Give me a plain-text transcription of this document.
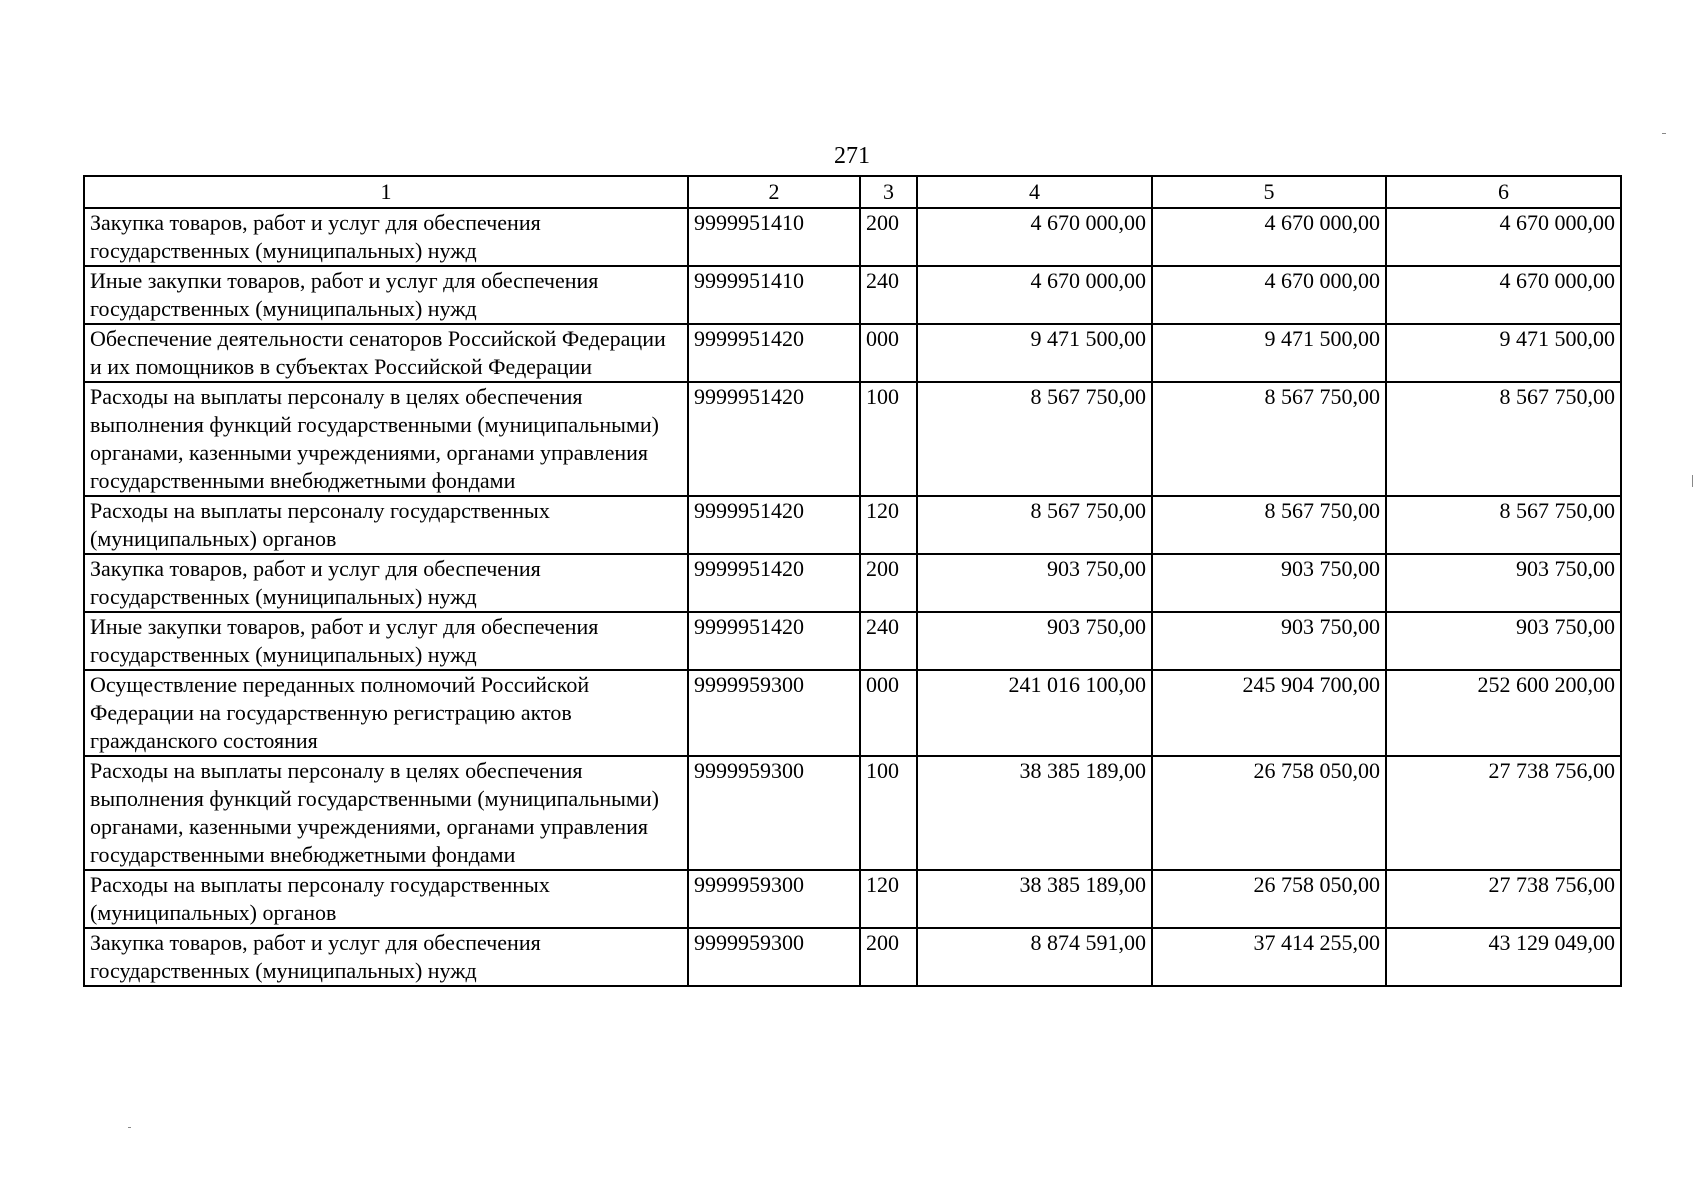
271
1	2	3	4	5	6
Закупка товаров, работ и услуг для обеспечения государственных (муниципальных) нужд	9999951410	200	4 670 000,00	4 670 000,00	4 670 000,00
Иные закупки товаров, работ и услуг для обеспечения государственных (муниципальных) нужд	9999951410	240	4 670 000,00	4 670 000,00	4 670 000,00
Обеспечение деятельности сенаторов Российской Федерации и их помощников в субъектах Российской Федерации	9999951420	000	9 471 500,00	9 471 500,00	9 471 500,00
Расходы на выплаты персоналу в целях обеспечения выполнения функций государственными (муниципальными) органами, казенными учреждениями, органами управления государственными внебюджетными фондами	9999951420	100	8 567 750,00	8 567 750,00	8 567 750,00
Расходы на выплаты персоналу государственных (муниципальных) органов	9999951420	120	8 567 750,00	8 567 750,00	8 567 750,00
Закупка товаров, работ и услуг для обеспечения государственных (муниципальных) нужд	9999951420	200	903 750,00	903 750,00	903 750,00
Иные закупки товаров, работ и услуг для обеспечения государственных (муниципальных) нужд	9999951420	240	903 750,00	903 750,00	903 750,00
Осуществление переданных полномочий Российской Федерации на государственную регистрацию актов гражданского состояния	9999959300	000	241 016 100,00	245 904 700,00	252 600 200,00
Расходы на выплаты персоналу в целях обеспечения выполнения функций государственными (муниципальными) органами, казенными учреждениями, органами управления государственными внебюджетными фондами	9999959300	100	38 385 189,00	26 758 050,00	27 738 756,00
Расходы на выплаты персоналу государственных (муниципальных) органов	9999959300	120	38 385 189,00	26 758 050,00	27 738 756,00
Закупка товаров, работ и услуг для обеспечения государственных (муниципальных) нужд	9999959300	200	8 874 591,00	37 414 255,00	43 129 049,00
